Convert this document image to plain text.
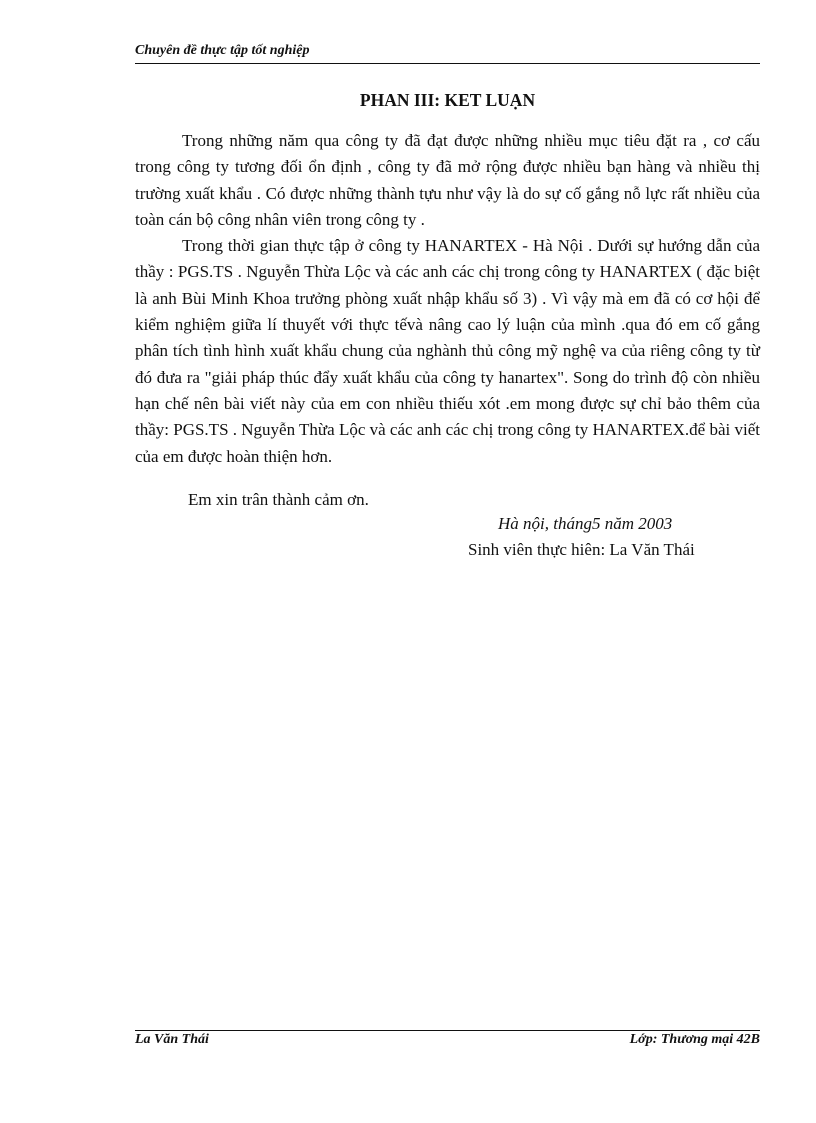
Chuyên đề thực tập tốt nghiệp
PHAN III: KET LUẠN

Trong những năm qua công ty đã đạt được những nhiều mục tiêu đặt ra , cơ cấu trong công ty tương đối ổn định , công ty đã mở rộng được nhiều bạn hàng và nhiều thị trường xuất khẩu . Có được những thành tựu như vậy là do sự cố gắng nỗ lực rất nhiều của toàn cán bộ công nhân viên trong công ty .

Trong thời gian thực tập ở công ty HANARTEX - Hà Nội . Dưới sự hướng dẫn của thầy : PGS.TS . Nguyễn Thừa Lộc và các anh các chị trong công ty HANARTEX ( đặc biệt là anh Bùi Minh Khoa trưởng phòng xuất nhập khẩu số 3) . Vì vậy mà em đã có cơ hội để kiểm nghiệm giữa lí thuyết với thực tếvà nâng cao lý luận của mình .qua đó em cố gắng phân tích tình hình xuất khẩu chung của nghành thủ công mỹ nghệ va của riêng công ty từ đó đưa ra "giải pháp thúc đẩy xuất khẩu của công ty hanartex". Song do trình độ còn nhiều hạn chế nên bài viết này của em con nhiều thiếu xót .em mong được sự chỉ bảo thêm của thầy: PGS.TS . Nguyễn Thừa Lộc và các anh các chị trong công ty HANARTEX.để bài viết của em được hoàn thiện hơn.

Em xin trân thành cảm ơn.
Hà nội, tháng5 năm 2003
Sinh viên thực hiên: La Văn Thái
La Văn Thái	Lớp: Thương mại 42B
